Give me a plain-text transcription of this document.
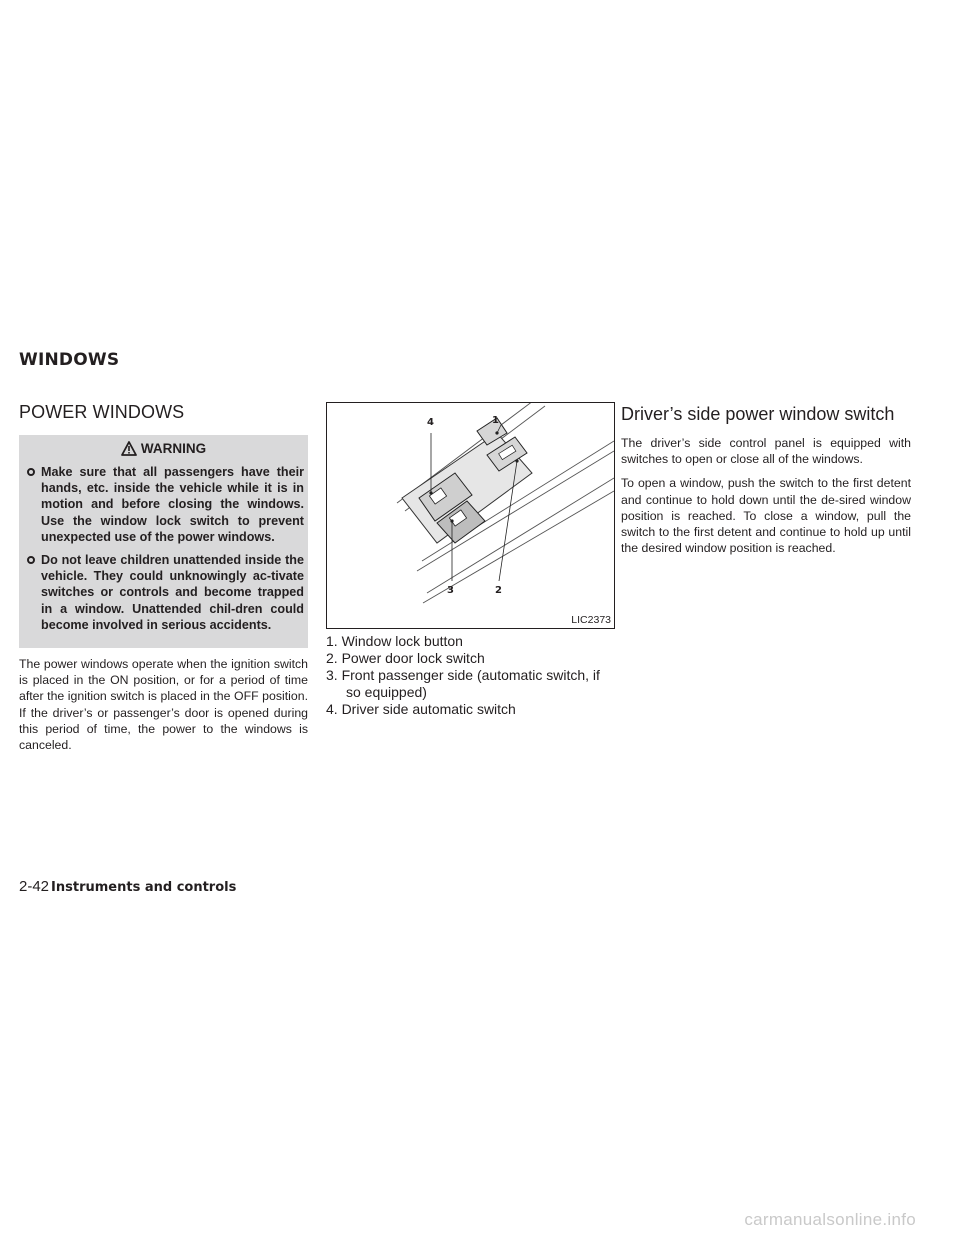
WINDOWS
POWER WINDOWS
WARNING
Make sure that all passengers have their hands, etc. inside the vehicle while it is in motion and before closing the windows. Use the window lock switch to prevent unexpected use of the power windows.
Do not leave children unattended inside the vehicle. They could unknowingly ac-tivate switches or controls and become trapped in a window. Unattended chil-dren could become involved in serious accidents.

The power windows operate when the ignition switch is placed in the ON position, or for a period of time after the ignition switch is placed in the OFF position. If the driver’s or passenger’s door is opened during this period of time, the power to the windows is canceled.

4	1
3	2
LIC2373
1. Window lock button
2. Power door lock switch
3. Front passenger side (automatic switch, if so equipped)
4. Driver side automatic switch
Driver’s side power window switch

The driver’s side control panel is equipped with switches to open or close all of the windows.

To open a window, push the switch to the first detent and continue to hold down until the de-sired window position is reached. To close a window, pull the switch to the first detent and continue to hold up until the desired window position is reached.

2-42 Instruments and controls
carmanualsonline.info
